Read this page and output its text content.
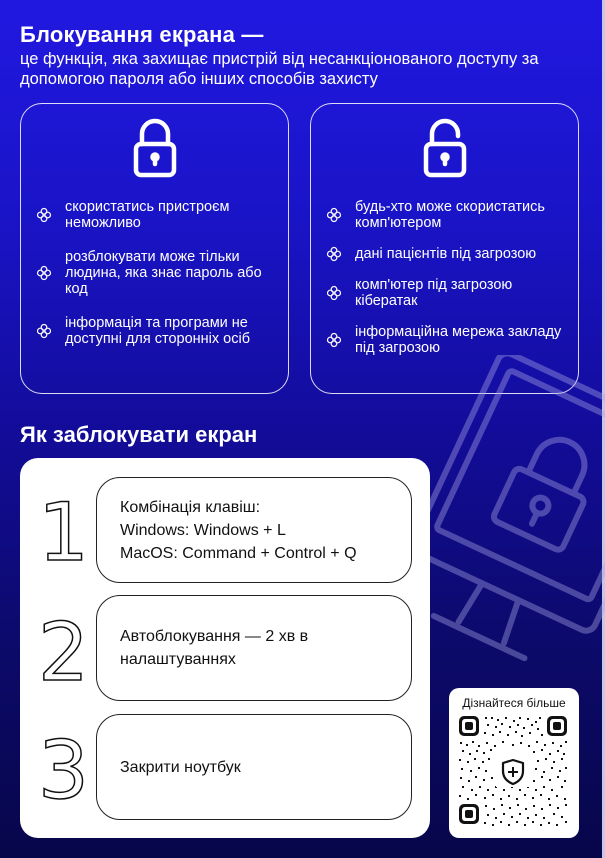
Блокування екрана —

це функція, яка захищає пристрій від несанкціонованого доступу за допомогою пароля або інших способів захисту

скористатись пристроєм неможливо
розблокувати може тільки людина, яка знає пароль або код
інформація та програми не доступні для сторонніх осіб
будь-хто може скористатись комп'ютером
дані пацієнтів під загрозою
комп'ютер під загрозою кібератак
інформаційна мережа закладу під загрозою
Як заблокувати екран
1 Комбінація клавіш:
Windows: Windows + L
MacOS: Command + Control + Q
2 Автоблокування — 2 хв в
налаштуваннях
3 Закрити ноутбук
Дізнайтеся більше
